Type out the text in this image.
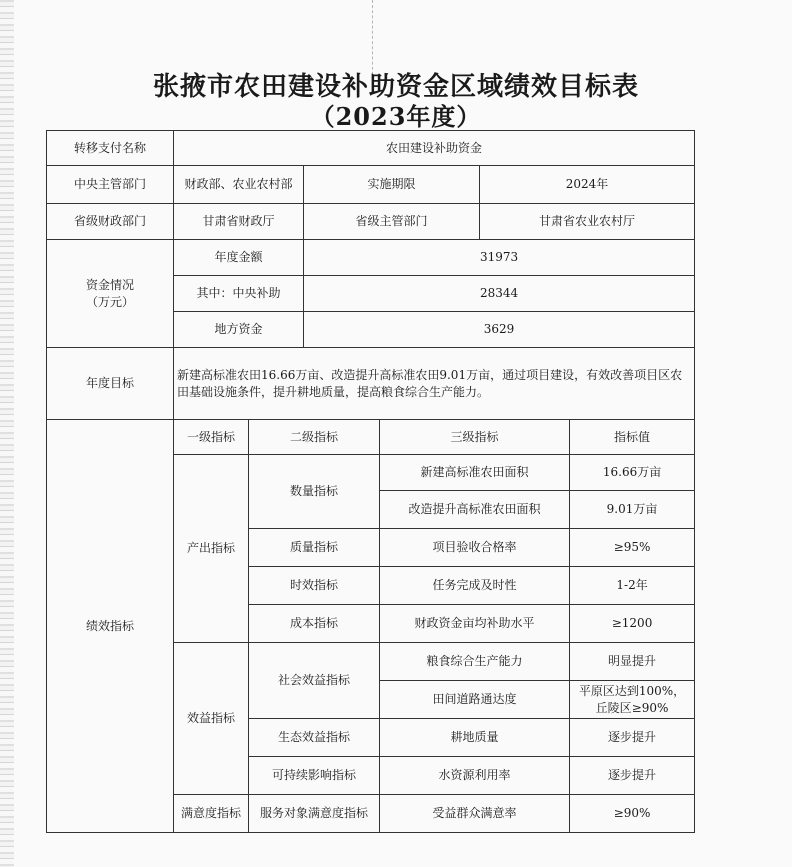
张掖市农田建设补助资金区域绩效目标表
（2023年度）
转移支付名称	农田建设补助资金					
中央主管部门	财政部、农业农村部		实施期限		2024年	
省级财政部门	甘肃省财政厅		省级主管部门		甘肃省农业农村厅	
资金情况
（万元）	年度金额		31973			
	其中：中央补助		28344			
	地方资金		3629			
年度目标	新建高标准农田16.66万亩、改造提升高标准农田9.01万亩，通过项目建设，有效改善项目区农田基础设施条件，提升耕地质量，提高粮食综合生产能力。					
绩效指标	一级指标	二级指标		三级指标		指标值
	产出指标	数量指标		新建高标准农田面积		16.66万亩
				改造提升高标准农田面积		9.01万亩
		质量指标		项目验收合格率		≥95%
		时效指标		任务完成及时性		1-2年
		成本指标		财政资金亩均补助水平		≥1200
	效益指标	社会效益指标		粮食综合生产能力		明显提升
				田间道路通达度		平原区达到100%，丘陵区≥90%
		生态效益指标		耕地质量		逐步提升
		可持续影响指标		水资源利用率		逐步提升
	满意度指标	服务对象满意度指标		受益群众满意率		≥90%
